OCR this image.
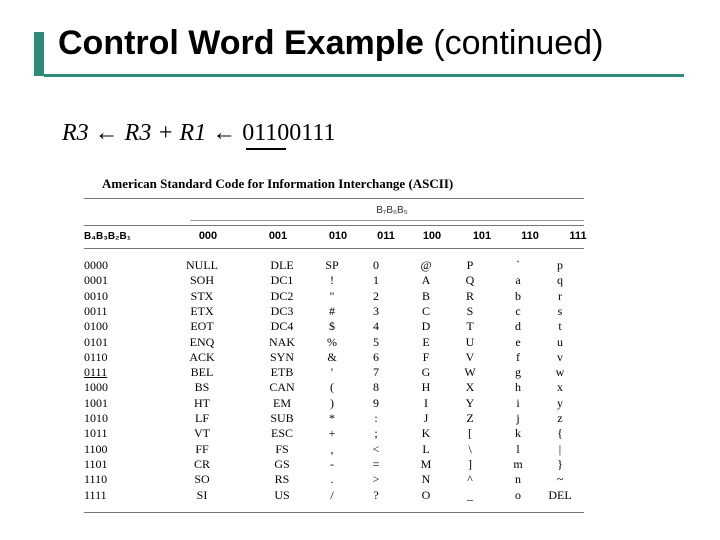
Control Word Example (continued)
R3 ← R3 + R1 ← 01100111
American Standard Code for Information Interchange (ASCII)
B₇B₆B₅
B₄B₃B₂B₁	000	001	010	011	100	101	110	111
0000	NULL	DLE	SP	0	@	P	`	p
0001	SOH	DC1	!	1	A	Q	a	q
0010	STX	DC2	"	2	B	R	b	r
0011	ETX	DC3	#	3	C	S	c	s
0100	EOT	DC4	$	4	D	T	d	t
0101	ENQ	NAK	%	5	E	U	e	u
0110	ACK	SYN	&	6	F	V	f	v
0111	BEL	ETB	'	7	G	W	g	w
1000	BS	CAN	(	8	H	X	h	x
1001	HT	EM	)	9	I	Y	i	y
1010	LF	SUB	*	:	J	Z	j	z
1011	VT	ESC	+	;	K	[	k	{
1100	FF	FS	,	<	L	\	l	|
1101	CR	GS	-	=	M	]	m	}
1110	SO	RS	.	>	N	^	n	~
1111	SI	US	/	?	O	_	o	DEL
